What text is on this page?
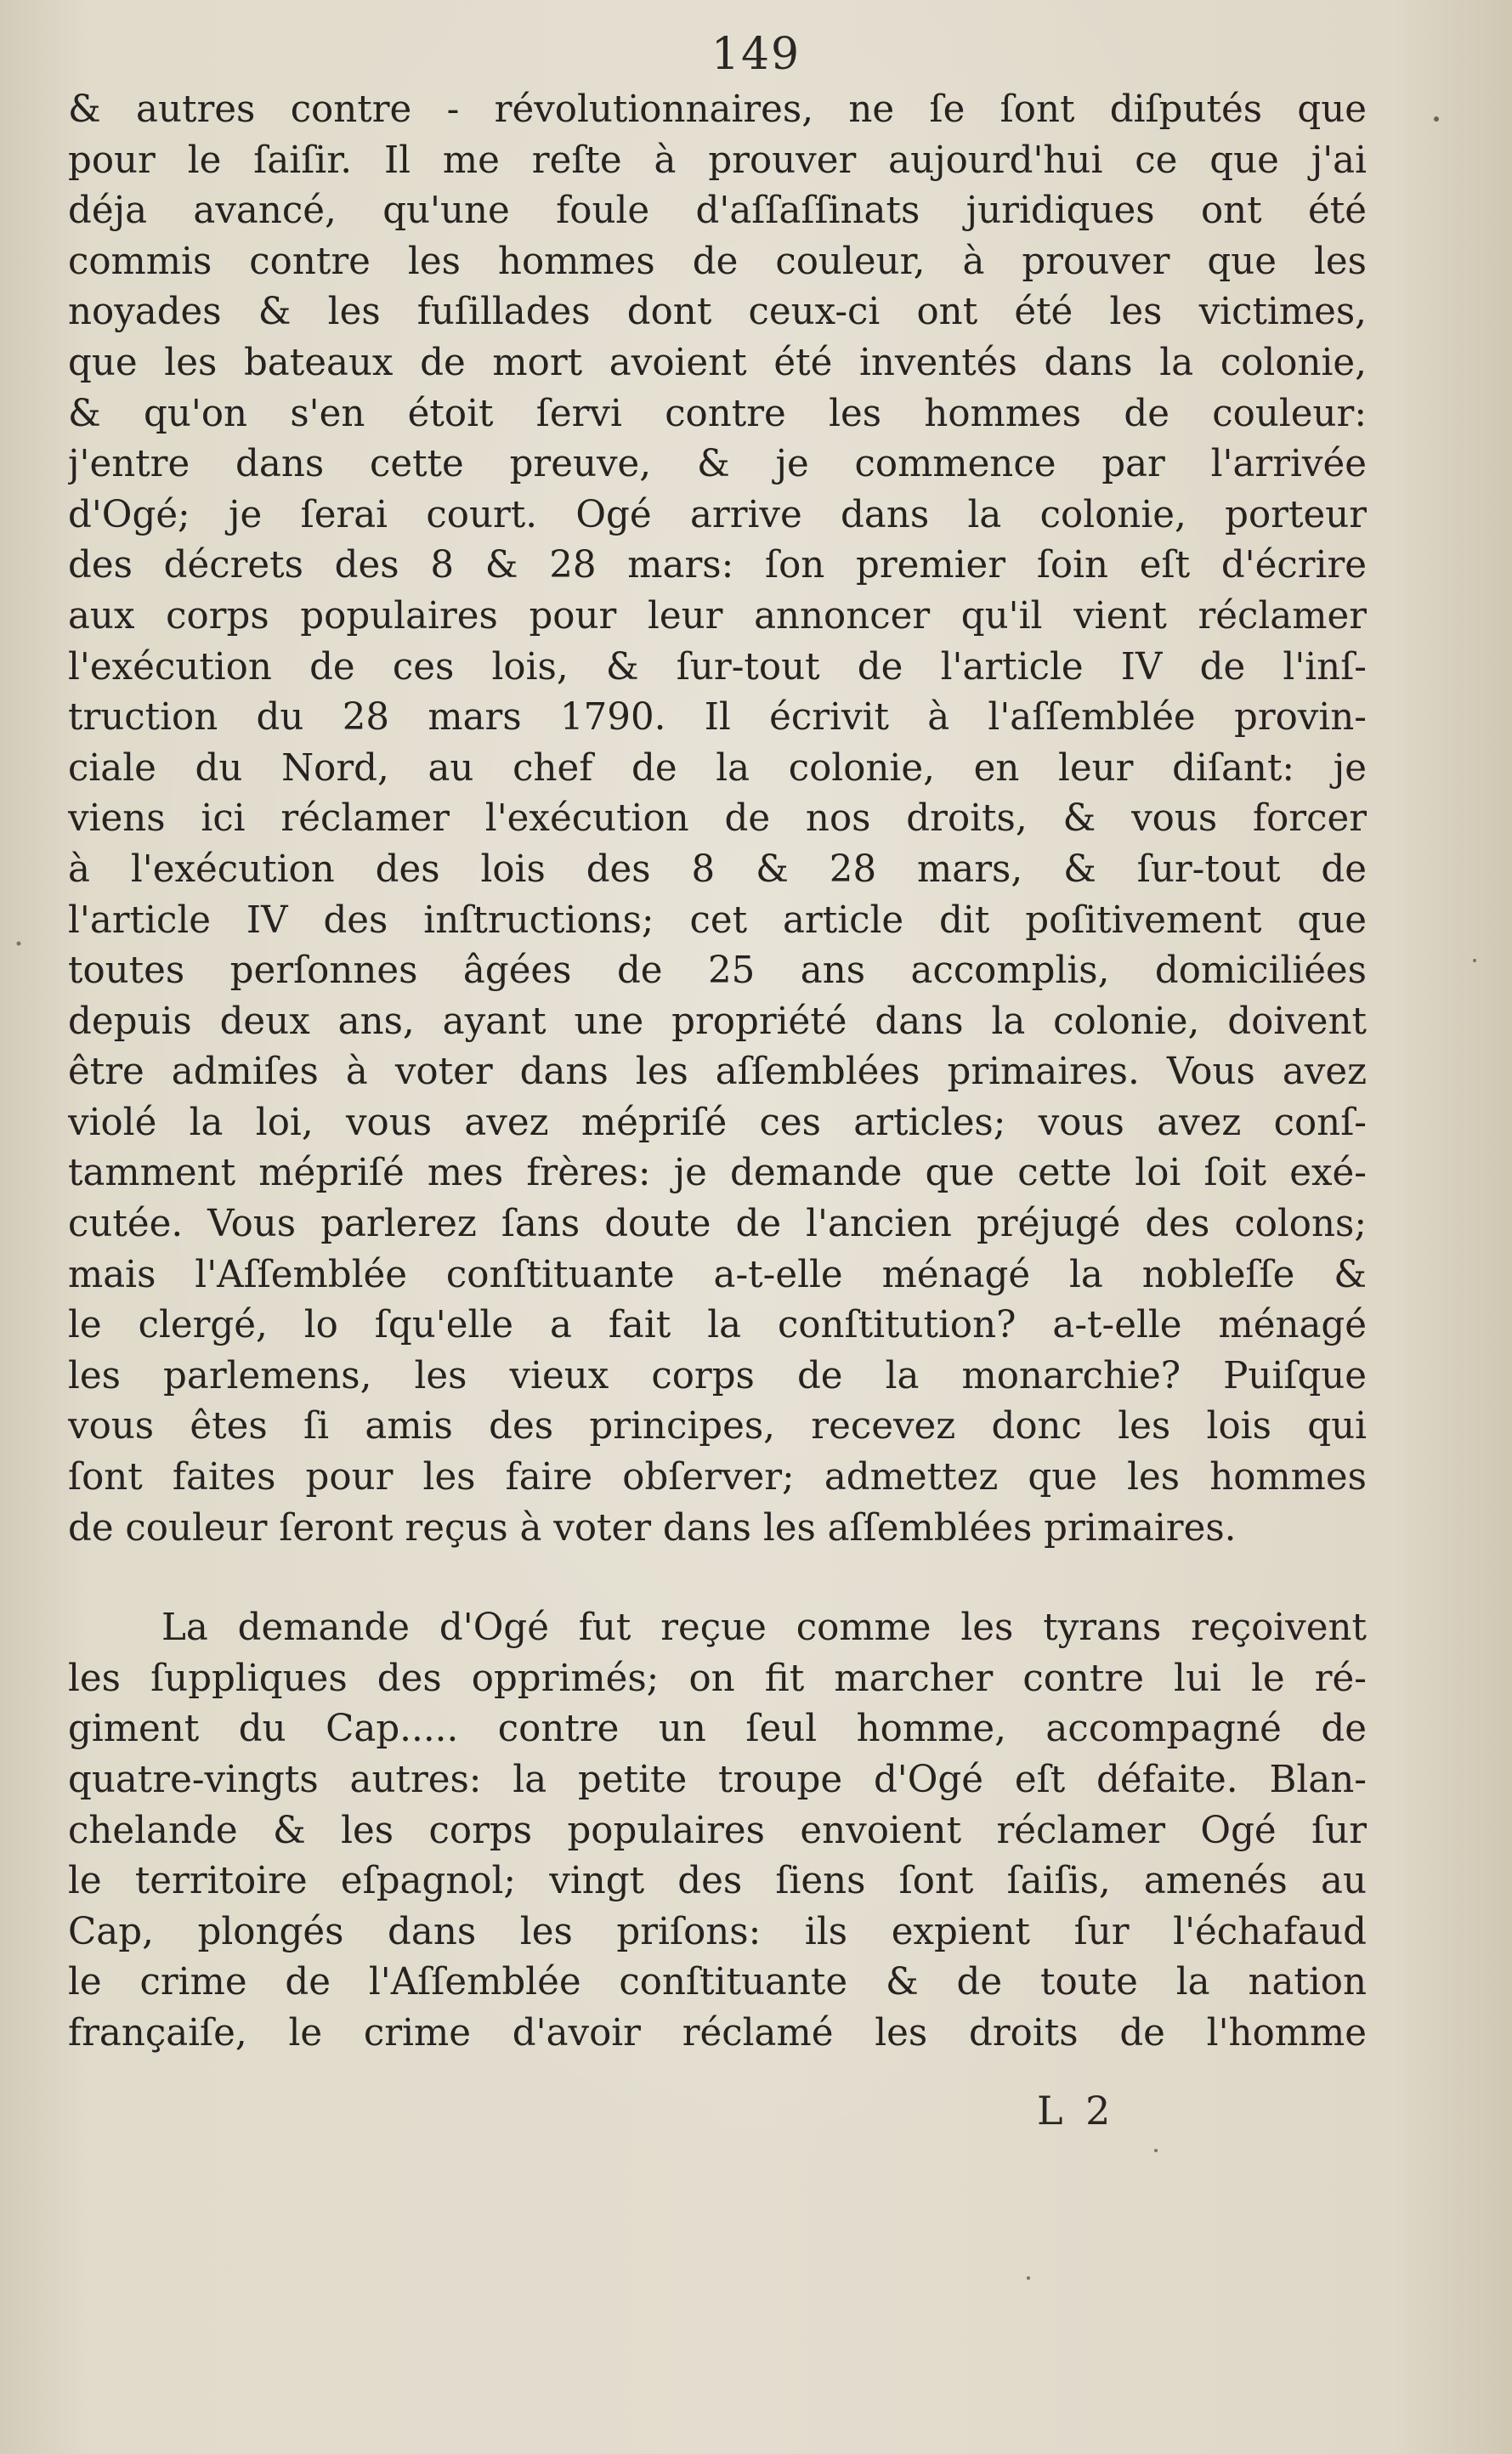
149
& autres contre - révolutionnaires, ne ſe ſont diſputés que
pour le ſaiſir. Il me reſte à prouver aujourd'hui ce que j'ai
déja avancé, qu'une foule d'aſſaſſinats juridiques ont été
commis contre les hommes de couleur, à prouver que les
noyades & les fuſillades dont ceux-ci ont été les victimes,
que les bateaux de mort avoient été inventés dans la colonie,
& qu'on s'en étoit ſervi contre les hommes de couleur:
j'entre dans cette preuve, & je commence par l'arrivée
d'Ogé; je ſerai court. Ogé arrive dans la colonie, porteur
des décrets des 8 & 28 mars: ſon premier ſoin eſt d'écrire
aux corps populaires pour leur annoncer qu'il vient réclamer
l'exécution de ces lois, & ſur-tout de l'article IV de l'inſ-
truction du 28 mars 1790. Il écrivit à l'aſſemblée provin-
ciale du Nord, au chef de la colonie, en leur diſant: je
viens ici réclamer l'exécution de nos droits, & vous forcer
à l'exécution des lois des 8 & 28 mars, & ſur-tout de
l'article IV des inſtructions; cet article dit poſitivement que
toutes perſonnes âgées de 25 ans accomplis, domiciliées
depuis deux ans, ayant une propriété dans la colonie, doivent
être admiſes à voter dans les aſſemblées primaires. Vous avez
violé la loi, vous avez mépriſé ces articles; vous avez conſ-
tamment mépriſé mes frères: je demande que cette loi ſoit exé-
cutée. Vous parlerez ſans doute de l'ancien préjugé des colons;
mais l'Aſſemblée conſtituante a-t-elle ménagé la nobleſſe &
le clergé, lo ſqu'elle a fait la conſtitution? a-t-elle ménagé
les parlemens, les vieux corps de la monarchie? Puiſque
vous êtes ſi amis des principes, recevez donc les lois qui
ſont faites pour les faire obſerver; admettez que les hommes
de couleur ſeront reçus à voter dans les aſſemblées primaires.
La demande d'Ogé fut reçue comme les tyrans reçoivent
les ſuppliques des opprimés; on fit marcher contre lui le ré-
giment du Cap..... contre un ſeul homme, accompagné de
quatre-vingts autres: la petite troupe d'Ogé eſt défaite. Blan-
chelande & les corps populaires envoient réclamer Ogé ſur
le territoire eſpagnol; vingt des ſiens ſont ſaiſis, amenés au
Cap, plongés dans les priſons: ils expient ſur l'échafaud
le crime de l'Aſſemblée conſtituante & de toute la nation
françaiſe, le crime d'avoir réclamé les droits de l'homme
L 2
